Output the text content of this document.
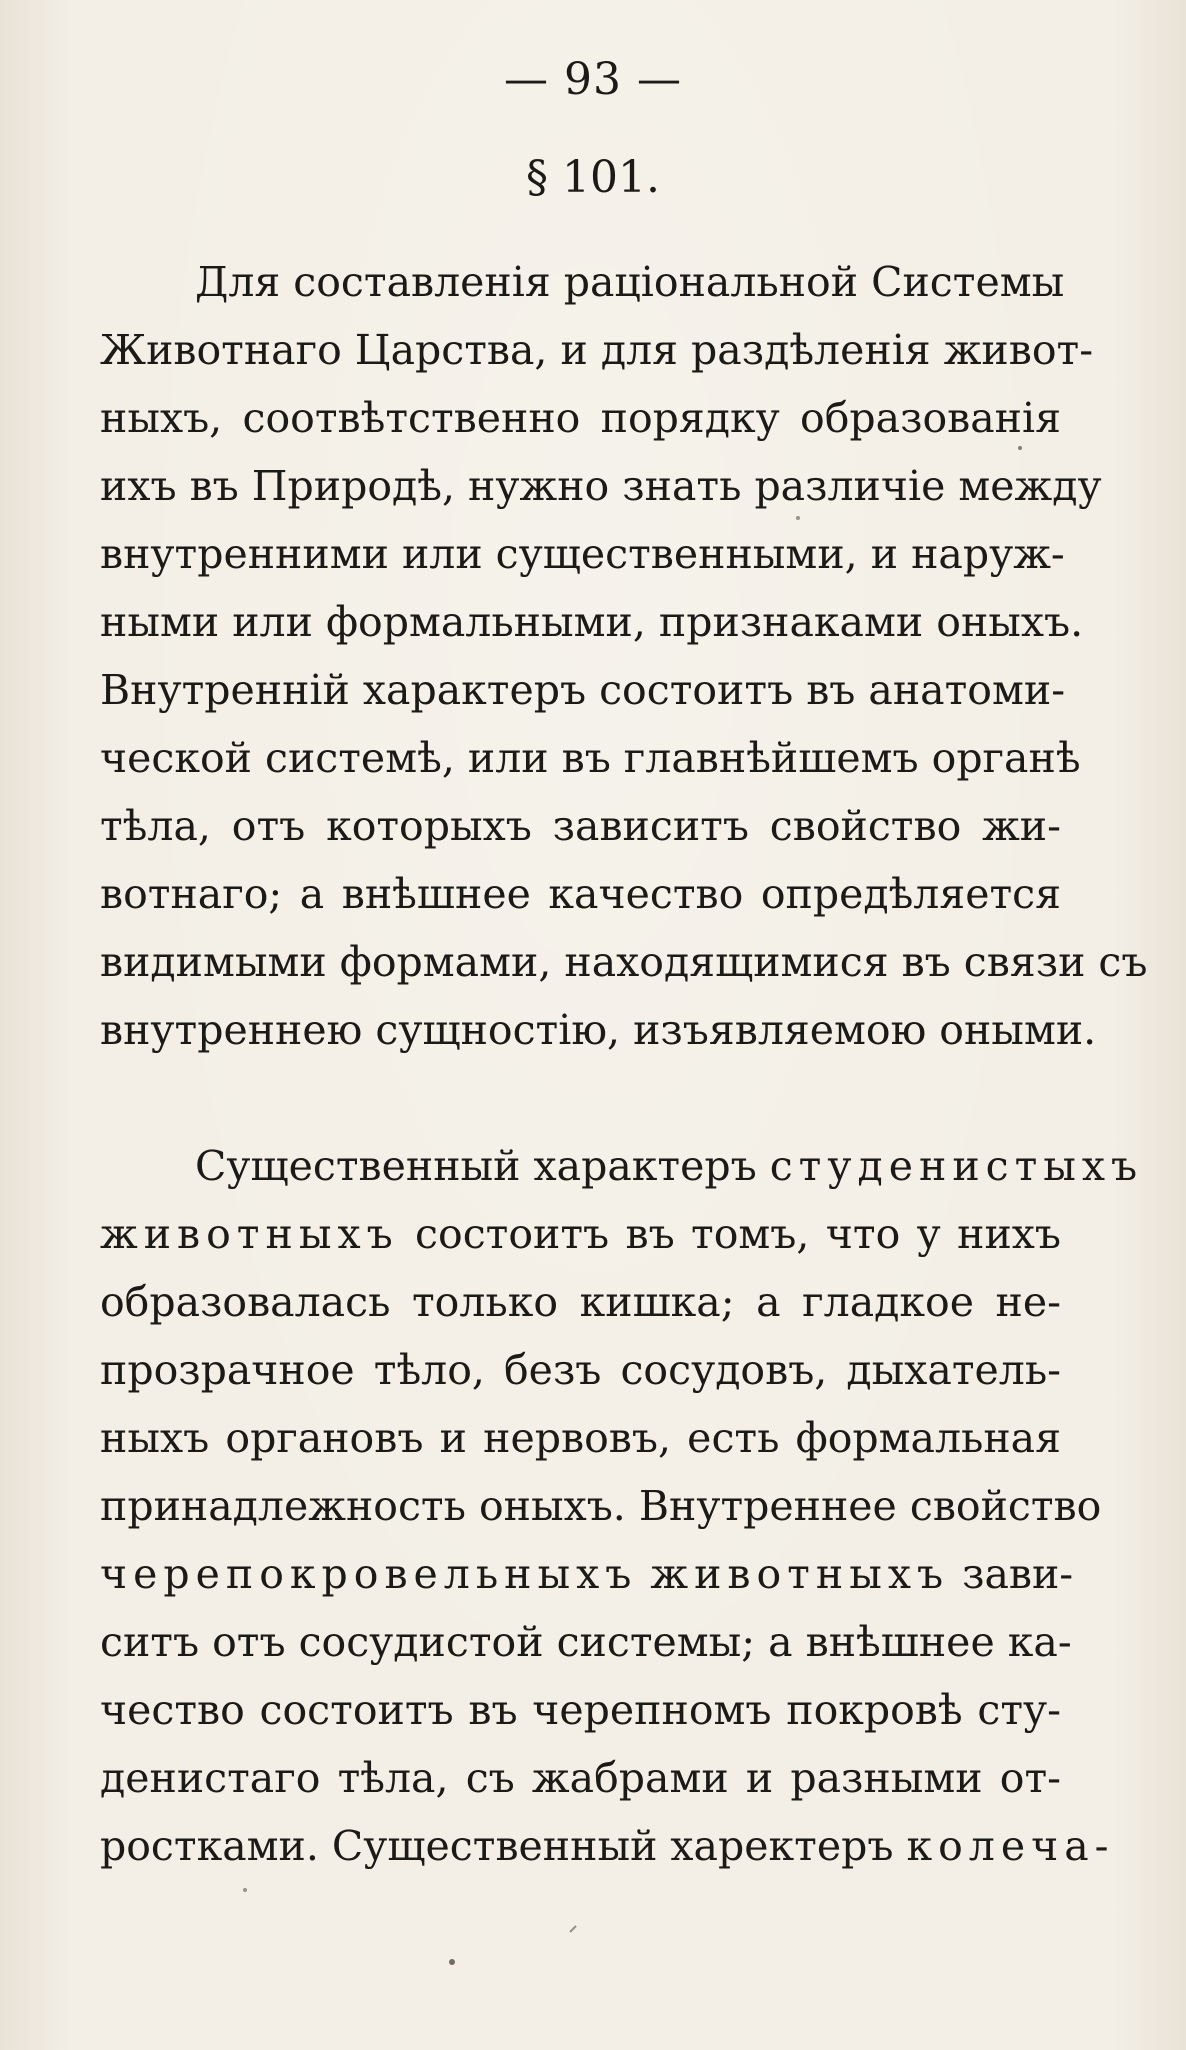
— 93 —
§ 101.
Для составленія раціональной Системы
Животнаго Царства, и для раздѣленія живот-
ныхъ, соотвѣтственно порядку образованія
ихъ въ Природѣ, нужно знать различіе между
внутренними или существенными, и наруж-
ными или формальными, признаками оныхъ.
Внутренній характеръ состоитъ въ анатоми-
ческой системѣ, или въ главнѣйшемъ органѣ
тѣла, отъ которыхъ зависитъ свойство жи-
вотнаго; а внѣшнее качество опредѣляется
видимыми формами, находящимися въ связи съ
внутреннею сущностію, изъявляемою оными.
Существенный характеръ студенистыхъ
животныхъ состоитъ въ томъ, что у нихъ
образовалась только кишка; а гладкое не-
прозрачное тѣло, безъ сосудовъ, дыхатель-
ныхъ органовъ и нервовъ, есть формальная
принадлежность оныхъ. Внутреннее свойство
черепокровельныхъ животныхъ зави-
ситъ отъ сосудистой системы; а внѣшнее ка-
чество состоитъ въ черепномъ покровѣ сту-
денистаго тѣла, съ жабрами и разными от-
ростками. Существенный харектеръ колеча-
